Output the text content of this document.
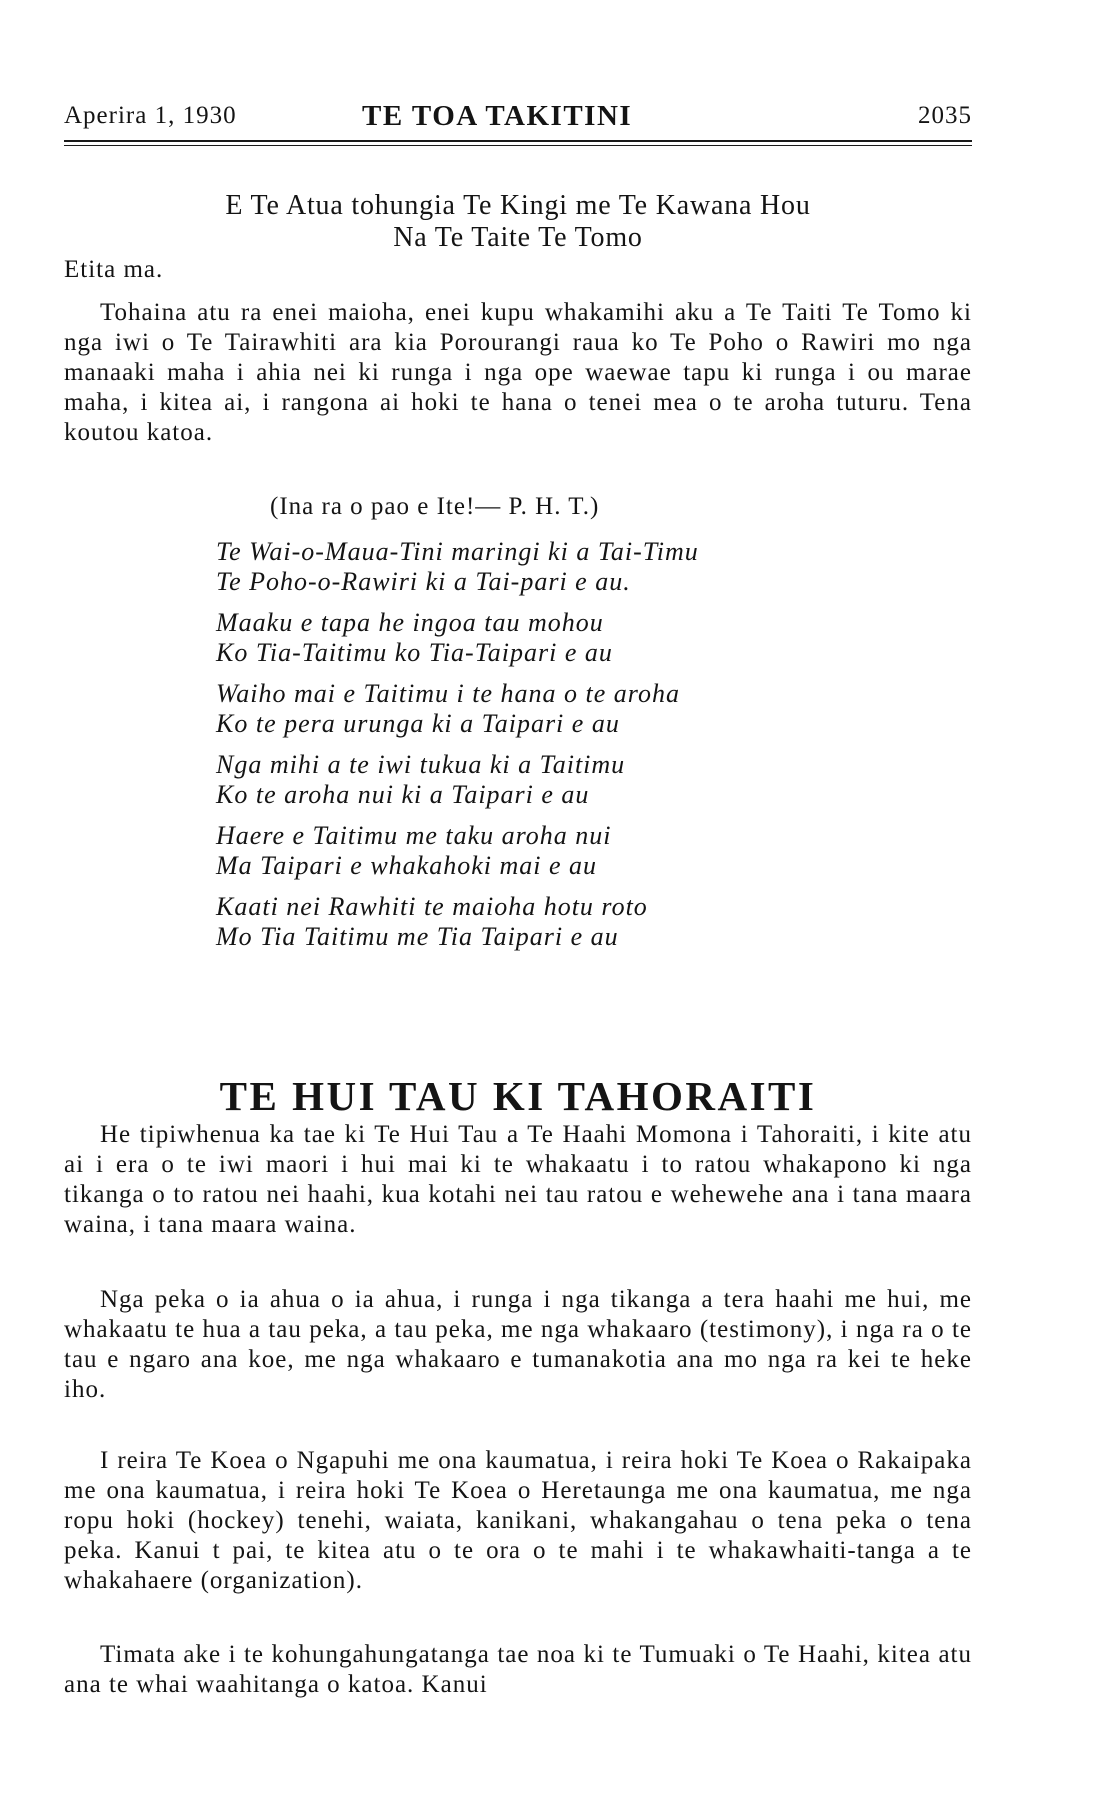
Aperira 1, 1930	TE TOA TAKITINI	2035
E Te Atua tohungia Te Kingi me Te Kawana Hou
Na Te Taite Te Tomo
Etita ma.

Tohaina atu ra enei maioha, enei kupu whakamihi aku a Te Taiti Te Tomo ki nga iwi o Te Tairawhiti ara kia Porourangi raua ko Te Poho o Rawiri mo nga manaaki maha i ahia nei ki runga i nga ope waewae tapu ki runga i ou marae maha, i kitea ai, i rangona ai hoki te hana o tenei mea o te aroha tuturu. Tena koutou katoa.

(Ina ra o pao e Ite!— P. H. T.)
Te Wai-o-Maua-Tini maringi ki a Tai-Timu
Te Poho-o-Rawiri ki a Tai-pari e au.
Maaku e tapa he ingoa tau mohou
Ko Tia-Taitimu ko Tia-Taipari e au
Waiho mai e Taitimu i te hana o te aroha
Ko te pera urunga ki a Taipari e au
Nga mihi a te iwi tukua ki a Taitimu
Ko te aroha nui ki a Taipari e au
Haere e Taitimu me taku aroha nui
Ma Taipari e whakahoki mai e au
Kaati nei Rawhiti te maioha hotu roto
Mo Tia Taitimu me Tia Taipari e au
TE HUI TAU KI TAHORAITI

He tipiwhenua ka tae ki Te Hui Tau a Te Haahi Momona i Tahoraiti, i kite atu ai i era o te iwi maori i hui mai ki te whakaatu i to ratou whakapono ki nga tikanga o to ratou nei haahi, kua kotahi nei tau ratou e wehewehe ana i tana maara waina, i tana maara waina.

Nga peka o ia ahua o ia ahua, i runga i nga tikanga a tera haahi me hui, me whakaatu te hua a tau peka, a tau peka, me nga whakaaro (testimony), i nga ra o te tau e ngaro ana koe, me nga whakaaro e tumanakotia ana mo nga ra kei te heke iho.

I reira Te Koea o Ngapuhi me ona kaumatua, i reira hoki Te Koea o Rakaipaka me ona kaumatua, i reira hoki Te Koea o Heretaunga me ona kaumatua, me nga ropu hoki (hockey) tenehi, waiata, kanikani, whakangahau o tena peka o tena peka. Kanui t pai, te kitea atu o te ora o te mahi i te whakawhaiti-tanga a te whakahaere (organization).

Timata ake i te kohungahungatanga tae noa ki te Tumuaki o Te Haahi, kitea atu ana te whai waahitanga o katoa. Kanui
